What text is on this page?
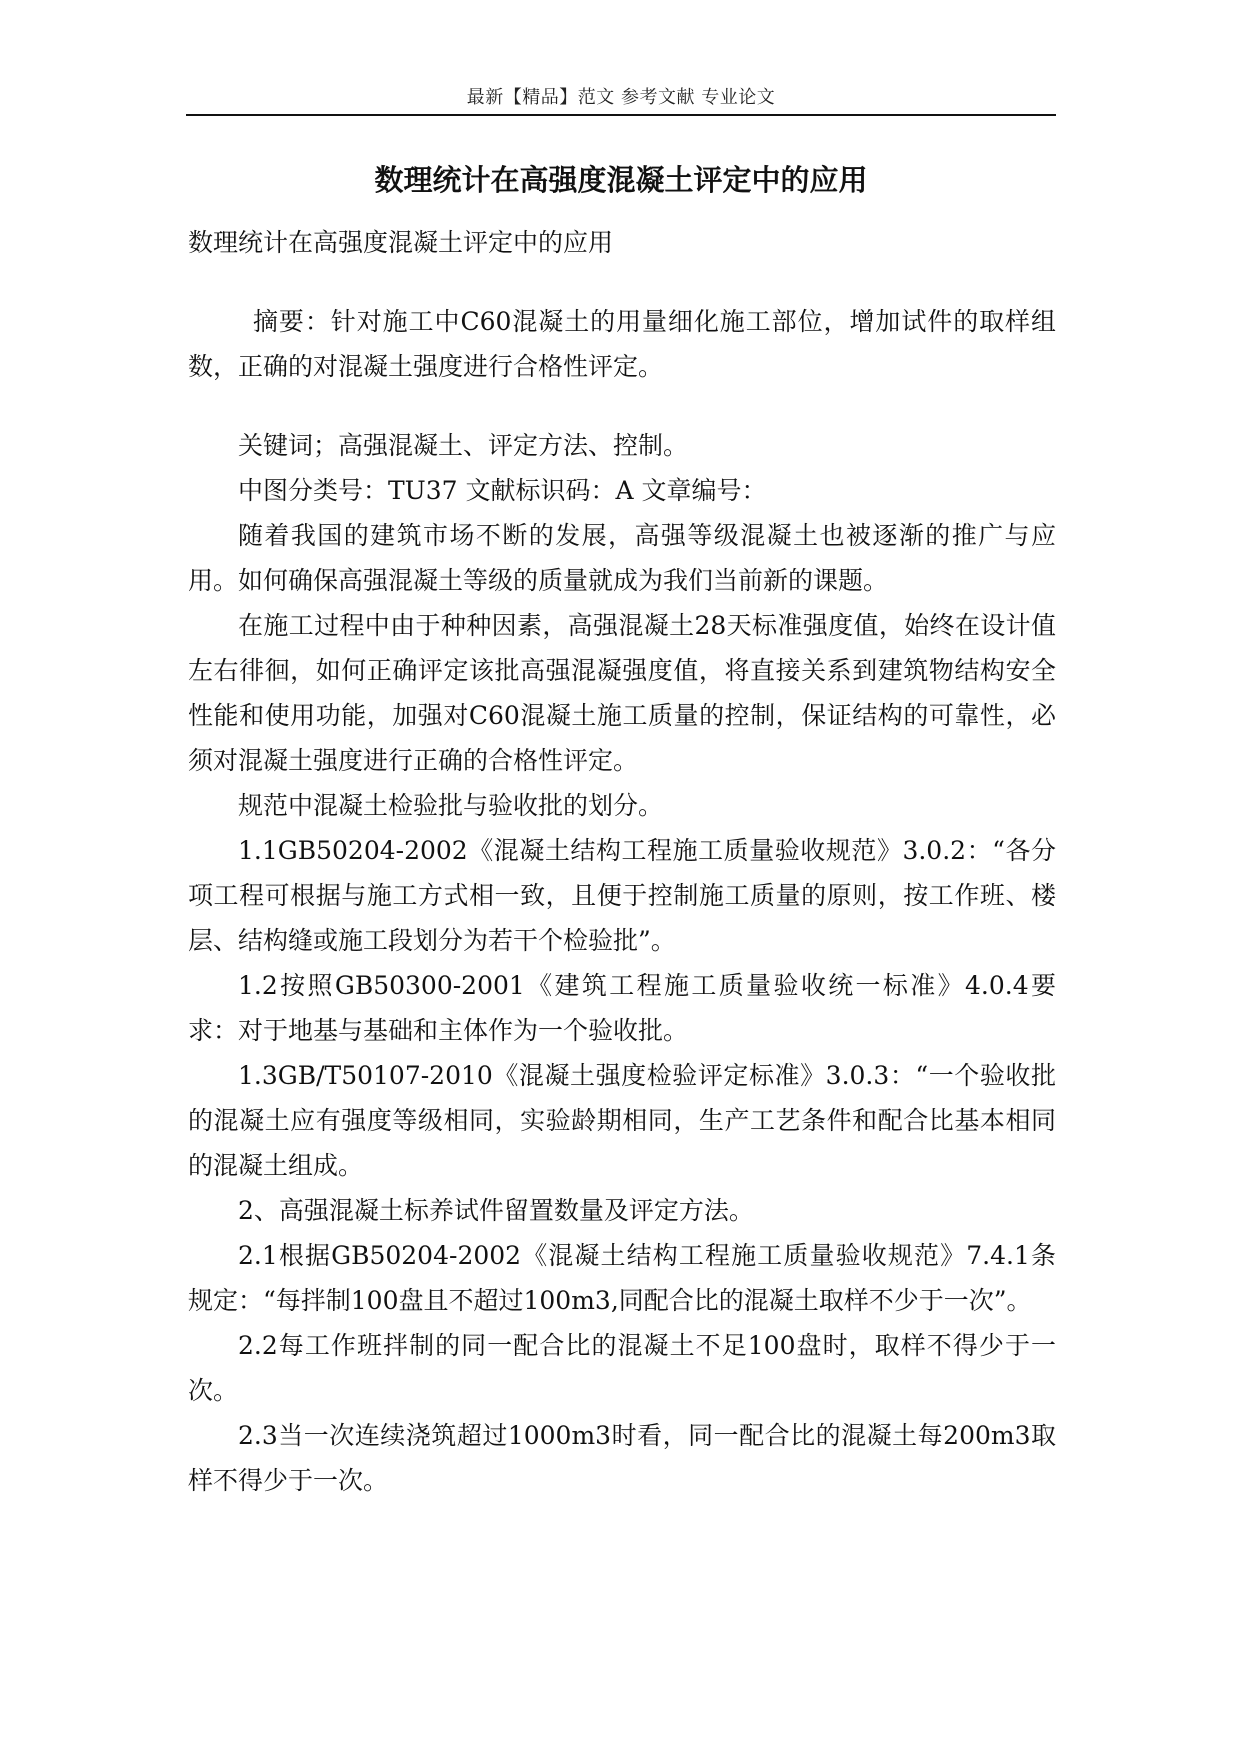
最新【精品】范文 参考文献 专业论文
数理统计在高强度混凝土评定中的应用

数理统计在高强度混凝土评定中的应用

摘要：针对施工中C60混凝土的用量细化施工部位，增加试件的取样组数，正确的对混凝土强度进行合格性评定。

关键词；高强混凝土、评定方法、控制。

中图分类号：TU37 文献标识码：A 文章编号：

随着我国的建筑市场不断的发展，高强等级混凝土也被逐渐的推广与应用。如何确保高强混凝土等级的质量就成为我们当前新的课题。

在施工过程中由于种种因素，高强混凝土28天标准强度值，始终在设计值左右徘徊，如何正确评定该批高强混凝强度值，将直接关系到建筑物结构安全性能和使用功能，加强对C60混凝土施工质量的控制，保证结构的可靠性，必须对混凝土强度进行正确的合格性评定。

规范中混凝土检验批与验收批的划分。

1.1GB50204-2002《混凝土结构工程施工质量验收规范》3.0.2：“各分项工程可根据与施工方式相一致，且便于控制施工质量的原则，按工作班、楼层、结构缝或施工段划分为若干个检验批”。

1.2按照GB50300-2001《建筑工程施工质量验收统一标准》4.0.4要求：对于地基与基础和主体作为一个验收批。

1.3GB/T50107-2010《混凝土强度检验评定标准》3.0.3：“一个验收批的混凝土应有强度等级相同，实验龄期相同，生产工艺条件和配合比基本相同的混凝土组成。

2、高强混凝土标养试件留置数量及评定方法。

2.1根据GB50204-2002《混凝土结构工程施工质量验收规范》7.4.1条规定：“每拌制100盘且不超过100m3,同配合比的混凝土取样不少于一次”。

2.2每工作班拌制的同一配合比的混凝土不足100盘时，取样不得少于一次。

2.3当一次连续浇筑超过1000m3时看，同一配合比的混凝土每200m3取样不得少于一次。
